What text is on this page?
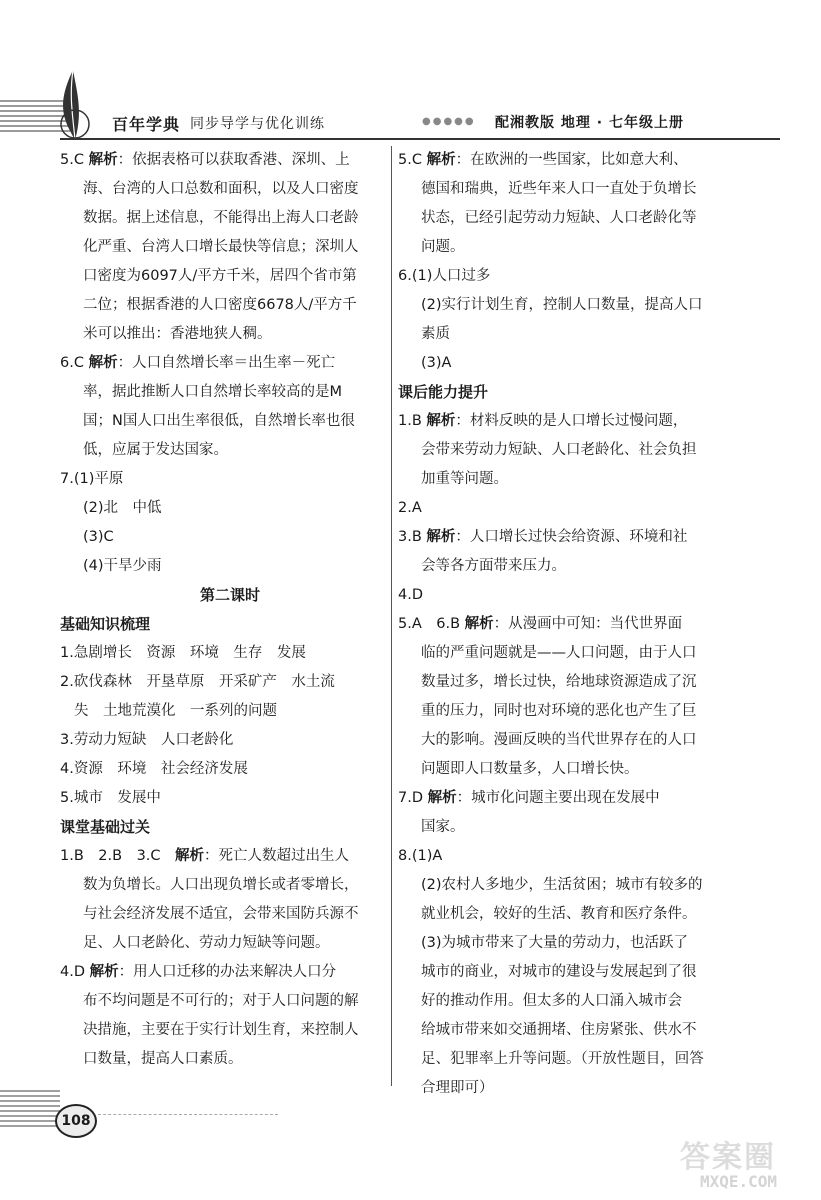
百年学典 同步导学与优化训练	●●●●● 配湘教版 地理 · 七年级上册
5.C 解析：依据表格可以获取香港、深圳、上
海、台湾的人口总数和面积，以及人口密度
数据。据上述信息，不能得出上海人口老龄
化严重、台湾人口增长最快等信息；深圳人
口密度为6097人/平方千米，居四个省市第
二位；根据香港的人口密度6678人/平方千
米可以推出：香港地狭人稠。
6.C 解析：人口自然增长率＝出生率－死亡
率，据此推断人口自然增长率较高的是M
国；N国人口出生率很低，自然增长率也很
低，应属于发达国家。
7.(1)平原
(2)北　中低
(3)C
(4)干旱少雨
第二课时
基础知识梳理
1.急剧增长　资源　环境　生存　发展
2.砍伐森林　开垦草原　开采矿产　水土流
失　土地荒漠化　一系列的问题
3.劳动力短缺　人口老龄化
4.资源　环境　社会经济发展
5.城市　发展中
课堂基础过关
1.B　2.B　3.C　解析：死亡人数超过出生人
数为负增长。人口出现负增长或者零增长，
与社会经济发展不适宜，会带来国防兵源不
足、人口老龄化、劳动力短缺等问题。
4.D 解析：用人口迁移的办法来解决人口分
布不均问题是不可行的；对于人口问题的解
决措施，主要在于实行计划生育，来控制人
口数量，提高人口素质。
5.C 解析：在欧洲的一些国家，比如意大利、
德国和瑞典，近些年来人口一直处于负增长
状态，已经引起劳动力短缺、人口老龄化等
问题。
6.(1)人口过多
(2)实行计划生育，控制人口数量，提高人口
素质
(3)A
课后能力提升
1.B 解析：材料反映的是人口增长过慢问题，
会带来劳动力短缺、人口老龄化、社会负担
加重等问题。
2.A
3.B 解析：人口增长过快会给资源、环境和社
会等各方面带来压力。
4.D
5.A　6.B 解析：从漫画中可知：当代世界面
临的严重问题就是——人口问题，由于人口
数量过多，增长过快，给地球资源造成了沉
重的压力，同时也对环境的恶化也产生了巨
大的影响。漫画反映的当代世界存在的人口
问题即人口数量多，人口增长快。
7.D 解析：城市化问题主要出现在发展中
国家。
8.(1)A
(2)农村人多地少，生活贫困；城市有较多的
就业机会，较好的生活、教育和医疗条件。
(3)为城市带来了大量的劳动力，也活跃了
城市的商业，对城市的建设与发展起到了很
好的推动作用。但太多的人口涌入城市会
给城市带来如交通拥堵、住房紧张、供水不
足、犯罪率上升等问题。（开放性题目，回答
合理即可）
108
答案圈
MXQE.COM
